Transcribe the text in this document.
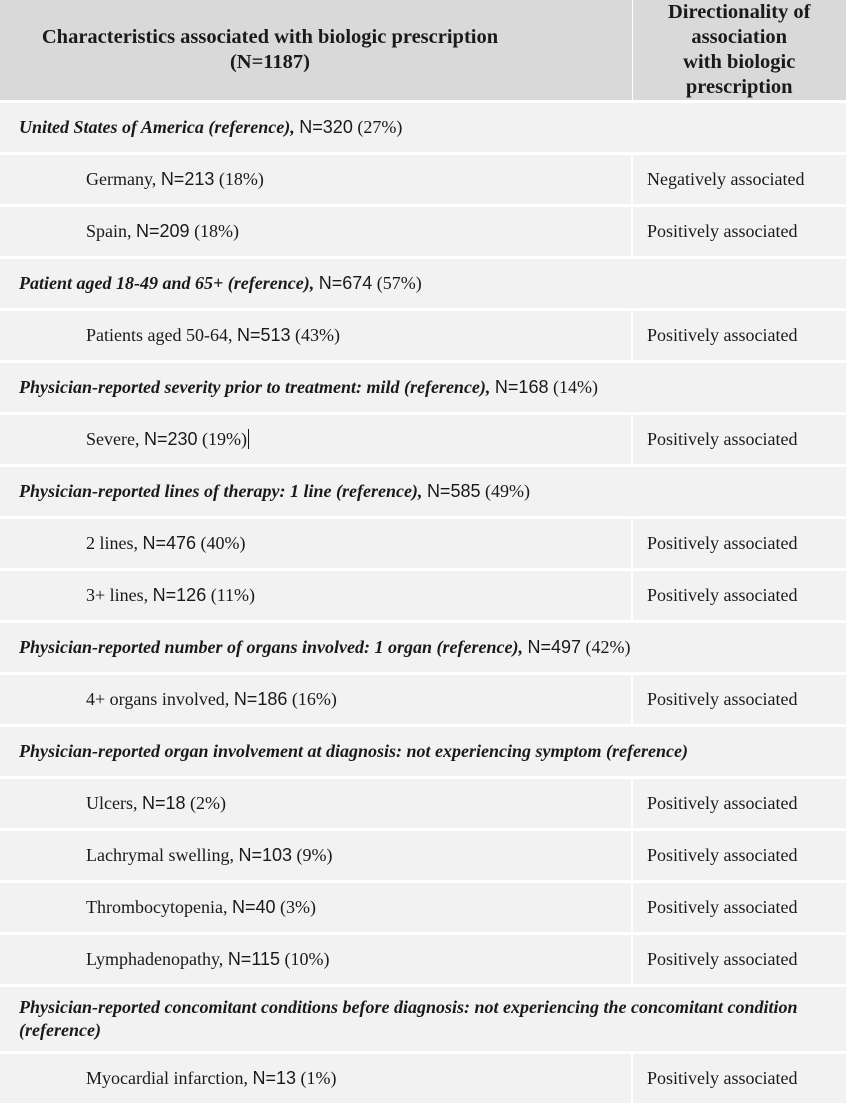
Characteristics associated with biologic prescription
(N=1187)	Directionality of association
with biologic prescription
United States of America (reference), N=320 (27%)	
Germany, N=213 (18%)	Negatively associated
Spain, N=209 (18%)	Positively associated
Patient aged 18-49 and 65+ (reference), N=674 (57%)	
Patients aged 50-64, N=513 (43%)	Positively associated
Physician-reported severity prior to treatment: mild (reference), N=168 (14%)	
Severe, N=230 (19%)	Positively associated
Physician-reported lines of therapy: 1 line (reference), N=585 (49%)	
2 lines, N=476 (40%)	Positively associated
3+ lines, N=126 (11%)	Positively associated
Physician-reported number of organs involved: 1 organ (reference), N=497 (42%)	
4+ organs involved, N=186 (16%)	Positively associated
Physician-reported organ involvement at diagnosis: not experiencing symptom (reference)	
Ulcers, N=18 (2%)	Positively associated
Lachrymal swelling, N=103 (9%)	Positively associated
Thrombocytopenia, N=40 (3%)	Positively associated
Lymphadenopathy, N=115 (10%)	Positively associated
Physician-reported concomitant conditions before diagnosis: not experiencing the concomitant condition (reference)	
Myocardial infarction, N=13 (1%)	Positively associated
